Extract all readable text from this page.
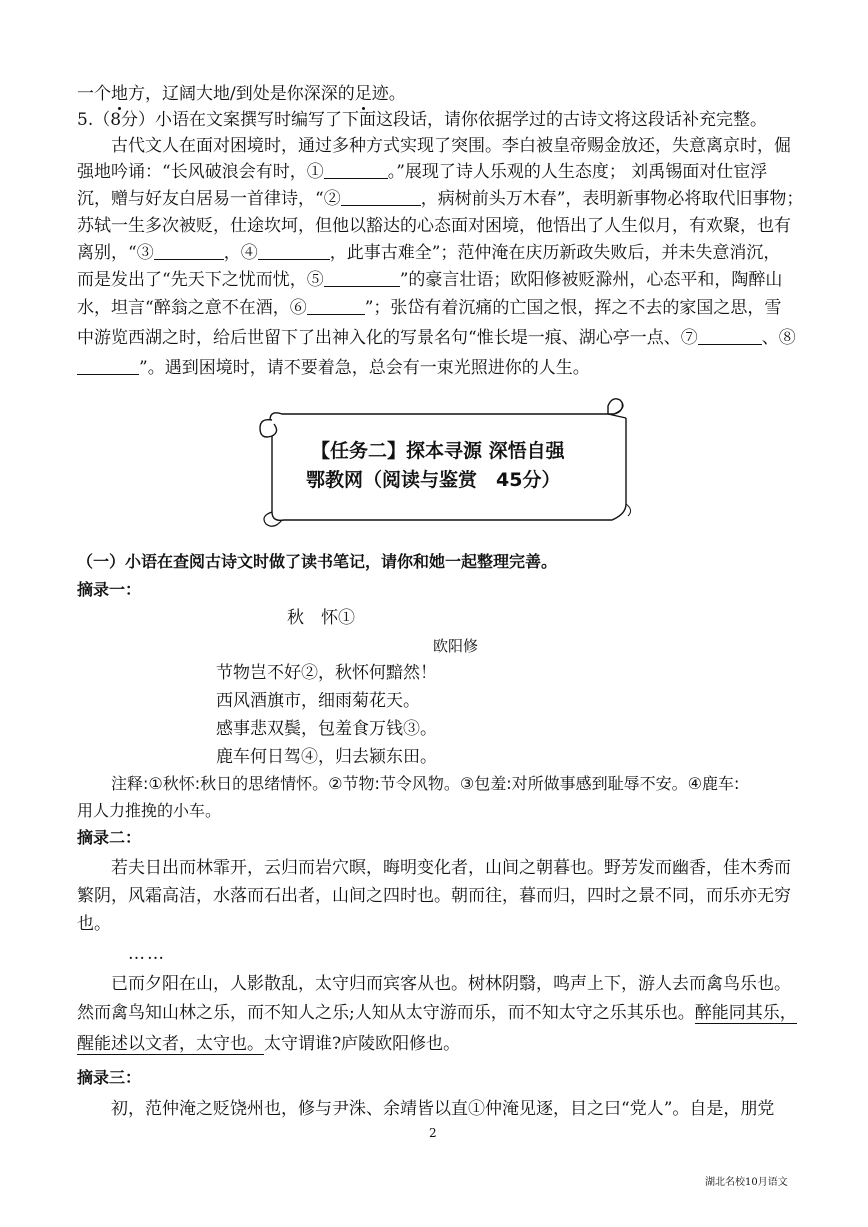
一个地方，辽阔大地/到处是你深深的足迹。
5.（8分）小语在文案撰写时编写了下面这段话，请你依据学过的古诗文将这段话补充完整。
古代文人在面对困境时，通过多种方式实现了突围。李白被皇帝赐金放还，失意离京时，倔
强地吟诵：“长风破浪会有时，①	。”展现了诗人乐观的人生态度； 刘禹锡面对仕宦浮
沉，赠与好友白居易一首律诗，“②	，病树前头万木春”，表明新事物必将取代旧事物；
苏轼一生多次被贬，仕途坎坷，但他以豁达的心态面对困境，他悟出了人生似月，有欢聚，也有
离别，“③	，④	，此事古难全”；范仲淹在庆历新政失败后，并未失意消沉，
而是发出了“先天下之忧而忧，⑤	”的豪言壮语；欧阳修被贬滁州，心态平和，陶醉山
水，坦言“醉翁之意不在酒，⑥	”；张岱有着沉痛的亡国之恨，挥之不去的家国之思，雪
中游览西湖之时，给后世留下了出神入化的写景名句“惟长堤一痕、湖心亭一点、⑦	、⑧
”。遇到困境时，请不要着急，总会有一束光照进你的人生。
【任务二】探本寻源 深悟自强
鄂教网（阅读与鉴赏　45分）
（一）小语在查阅古诗文时做了读书笔记，请你和她一起整理完善。
摘录一：
秋　怀①
欧阳修
节物岂不好②，秋怀何黯然！
西风酒旗市，细雨菊花天。
感事悲双鬓，包羞食万钱③。
鹿车何日驾④，归去颍东田。
注释:①秋怀:秋日的思绪情怀。②节物:节令风物。③包羞:对所做事感到耻辱不安。④鹿车:
用人力推挽的小车。
摘录二：
若夫日出而林霏开，云归而岩穴暝，晦明变化者，山间之朝暮也。野芳发而幽香，佳木秀而
繁阴，风霜高洁，水落而石出者，山间之四时也。朝而往，暮而归，四时之景不同，而乐亦无穷
也。
……
已而夕阳在山，人影散乱，太守归而宾客从也。树林阴翳，鸣声上下，游人去而禽鸟乐也。
然而禽鸟知山林之乐，而不知人之乐;人知从太守游而乐，而不知太守之乐其乐也。醉能同其乐，
醒能述以文者，太守也。太守谓谁?庐陵欧阳修也。
摘录三：
初，范仲淹之贬饶州也，修与尹洙、余靖皆以直①仲淹见逐，目之曰“党人”。自是，朋党
2
湖北名校10月语文
